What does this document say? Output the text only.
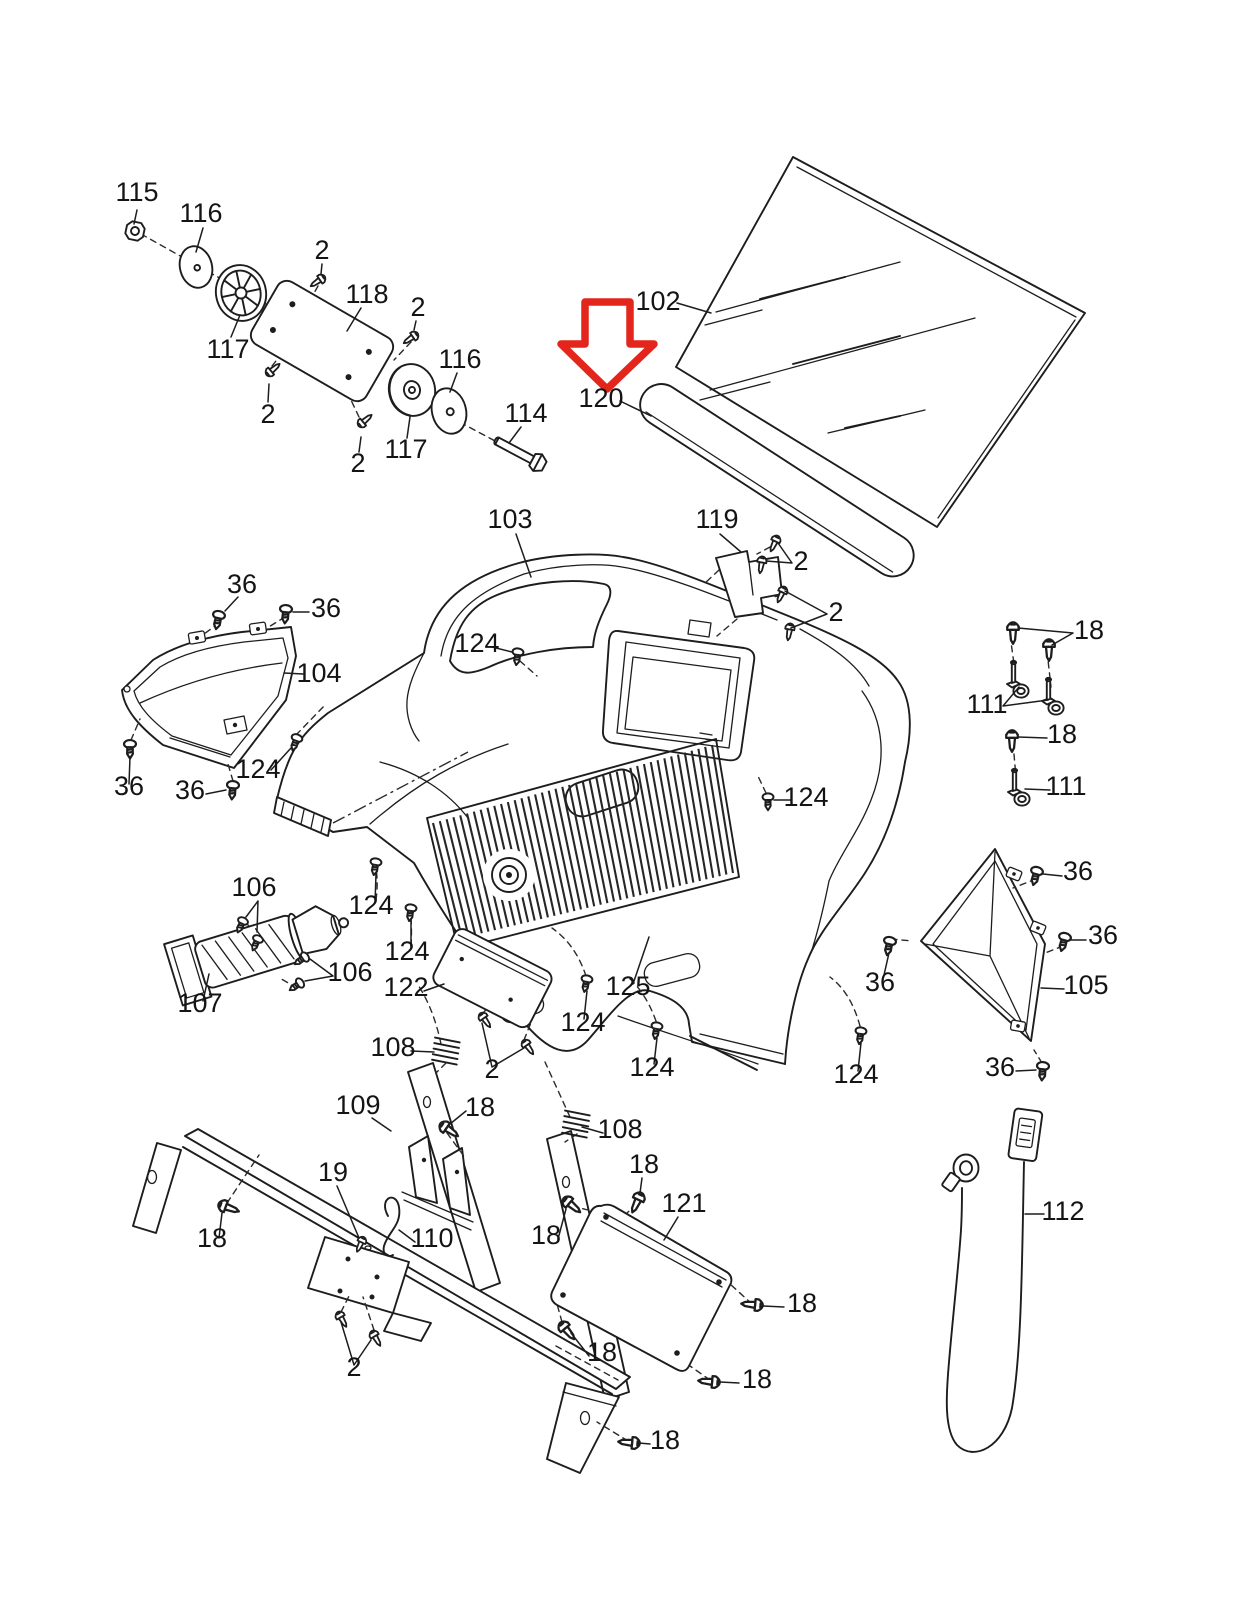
115
116
117
118
2
2
2
2
116
117
114
102
120
103	119
2
2
124
104
36
36
36 36
124
124
18
111
18
111
36
36
36	105
36
106
106
107
124
124
122	125
124
124	124
2
108
109	18
108
18
19
110
18	18
121
2
18
18
18
18
112
